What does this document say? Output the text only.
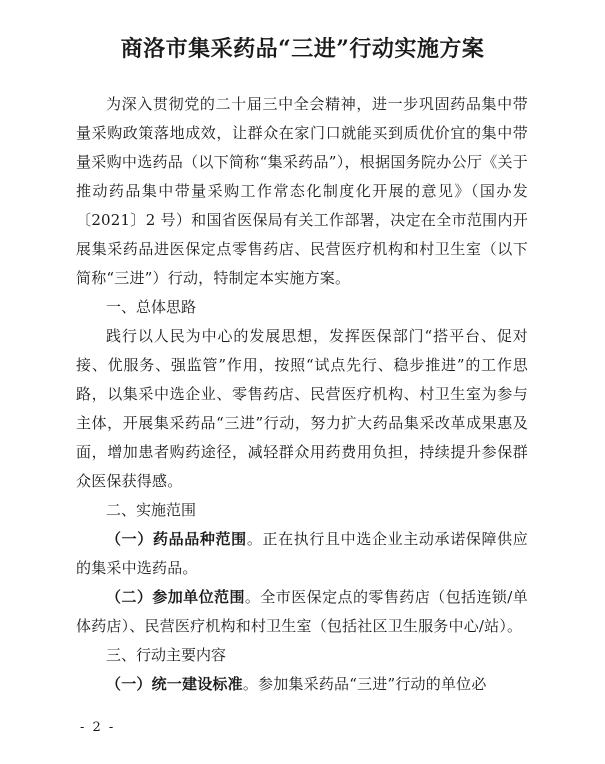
商洛市集采药品“三进”行动实施方案

为深入贯彻党的二十届三中全会精神，进一步巩固药品集中带量采购政策落地成效，让群众在家门口就能买到质优价宜的集中带量采购中选药品（以下简称“集采药品”），根据国务院办公厅《关于推动药品集中带量采购工作常态化制度化开展的意见》（国办发〔2021〕2 号）和国省医保局有关工作部署，决定在全市范围内开展集采药品进医保定点零售药店、民营医疗机构和村卫生室（以下简称“三进”）行动，特制定本实施方案。

一、总体思路

践行以人民为中心的发展思想，发挥医保部门“搭平台、促对接、优服务、强监管”作用，按照“试点先行、稳步推进”的工作思路，以集采中选企业、零售药店、民营医疗机构、村卫生室为参与主体，开展集采药品“三进”行动，努力扩大药品集采改革成果惠及面，增加患者购药途径，减轻群众用药费用负担，持续提升参保群众医保获得感。

二、实施范围

（一）药品品种范围。正在执行且中选企业主动承诺保障供应的集采中选药品。

（二）参加单位范围。全市医保定点的零售药店（包括连锁/单体药店）、民营医疗机构和村卫生室（包括社区卫生服务中心/站）。

三、行动主要内容

（一）统一建设标准。参加集采药品“三进”行动的单位必

- 2 -
